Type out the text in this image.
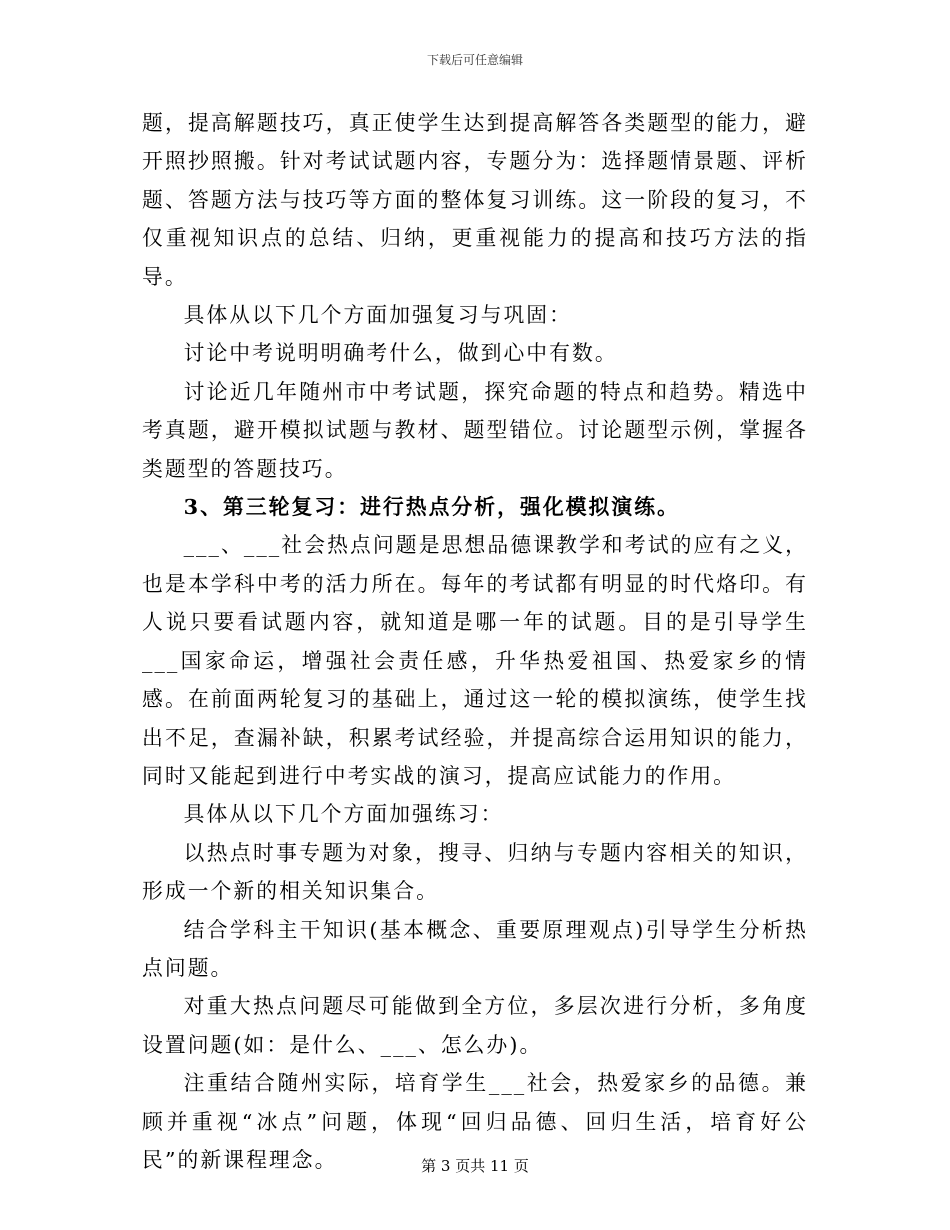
下载后可任意编辑

题，提高解题技巧，真正使学生达到提高解答各类题型的能力，避开照抄照搬。针对考试试题内容，专题分为：选择题情景题、评析题、答题方法与技巧等方面的整体复习训练。这一阶段的复习，不仅重视知识点的总结、归纳，更重视能力的提高和技巧方法的指导。

具体从以下几个方面加强复习与巩固：

讨论中考说明明确考什么，做到心中有数。

讨论近几年随州市中考试题，探究命题的特点和趋势。精选中考真题，避开模拟试题与教材、题型错位。讨论题型示例，掌握各类题型的答题技巧。

3、第三轮复习：进行热点分析，强化模拟演练。

___、___社会热点问题是思想品德课教学和考试的应有之义，也是本学科中考的活力所在。每年的考试都有明显的时代烙印。有人说只要看试题内容，就知道是哪一年的试题。目的是引导学生___国家命运，增强社会责任感，升华热爱祖国、热爱家乡的情感。在前面两轮复习的基础上，通过这一轮的模拟演练，使学生找出不足，查漏补缺，积累考试经验，并提高综合运用知识的能力，同时又能起到进行中考实战的演习，提高应试能力的作用。

具体从以下几个方面加强练习：

以热点时事专题为对象，搜寻、归纳与专题内容相关的知识，形成一个新的相关知识集合。

结合学科主干知识(基本概念、重要原理观点)引导学生分析热点问题。

对重大热点问题尽可能做到全方位，多层次进行分析，多角度设置问题(如：是什么、___、怎么办)。

注重结合随州实际，培育学生___社会，热爱家乡的品德。兼顾并重视“冰点”问题，体现“回归品德、回归生活，培育好公民”的新课程理念。	第 3 页共 11 页
